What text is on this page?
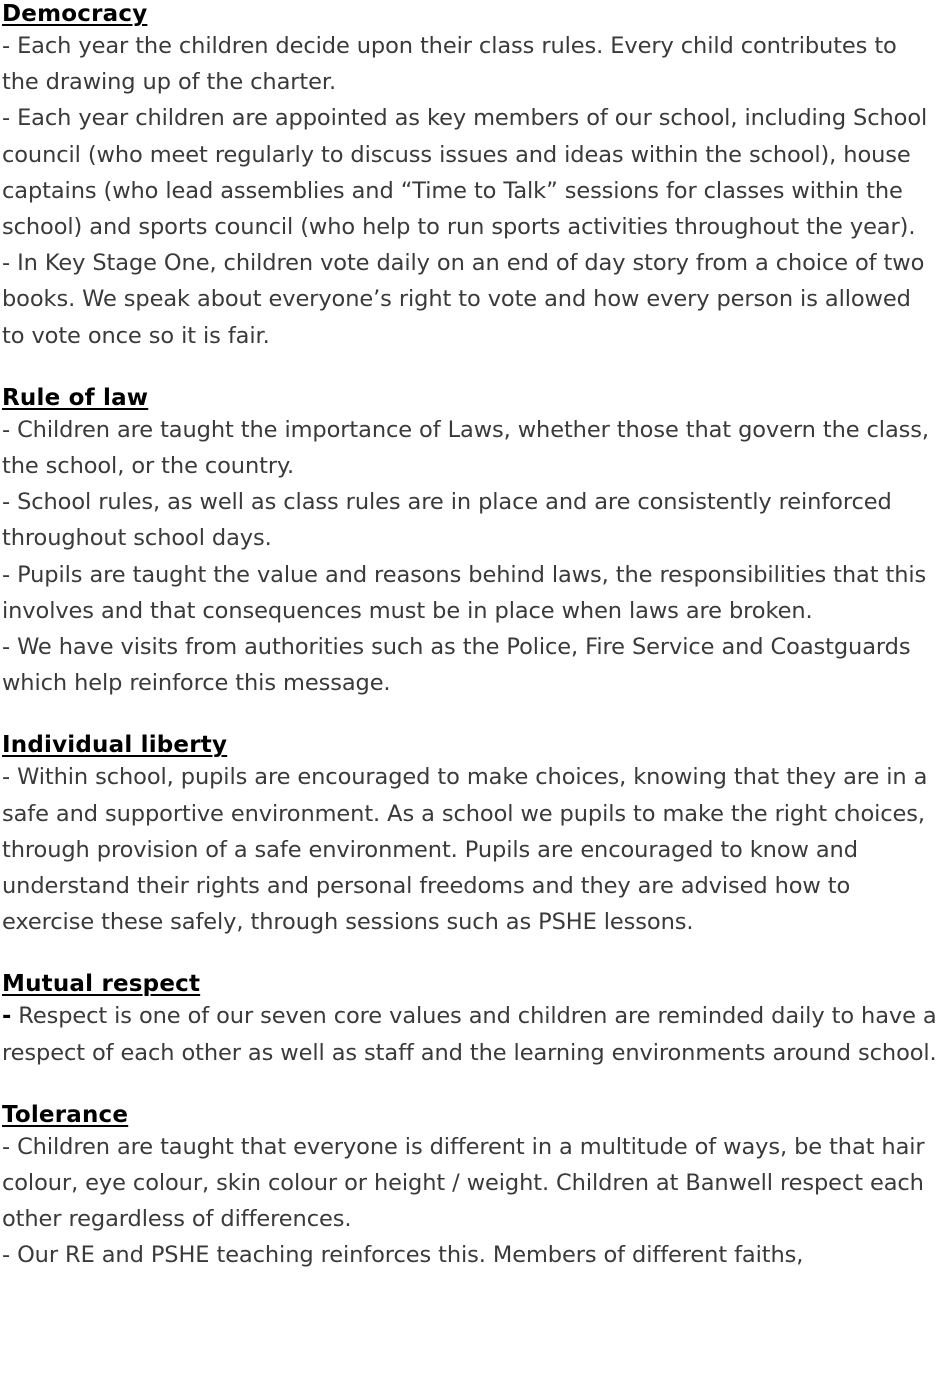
Democracy

- Each year the children decide upon their class rules. Every child contributes to the drawing up of the charter.

- Each year children are appointed as key members of our school, including School council (who meet regularly to discuss issues and ideas within the school), house captains (who lead assemblies and “Time to Talk” sessions for classes within the school) and sports council (who help to run sports activities throughout the year).

- In Key Stage One, children vote daily on an end of day story from a choice of two books. We speak about everyone’s right to vote and how every person is allowed to vote once so it is fair.

Rule of law

- Children are taught the importance of Laws, whether those that govern the class, the school, or the country.

- School rules, as well as class rules are in place and are consistently reinforced throughout school days.

- Pupils are taught the value and reasons behind laws, the responsibilities that this involves and that consequences must be in place when laws are broken.

- We have visits from authorities such as the Police, Fire Service and Coastguards which help reinforce this message.

Individual liberty

- Within school, pupils are encouraged to make choices, knowing that they are in a safe and supportive environment. As a school we pupils to make the right choices, through provision of a safe environment. Pupils are encouraged to know and understand their rights and personal freedoms and they are advised how to exercise these safely, through sessions such as PSHE lessons.

Mutual respect

- Respect is one of our seven core values and children are reminded daily to have a respect of each other as well as staff and the learning environments around school.

Tolerance

- Children are taught that everyone is different in a multitude of ways, be that hair colour, eye colour, skin colour or height / weight. Children at Banwell respect each other regardless of differences.

- Our RE and PSHE teaching reinforces this. Members of different faiths,
